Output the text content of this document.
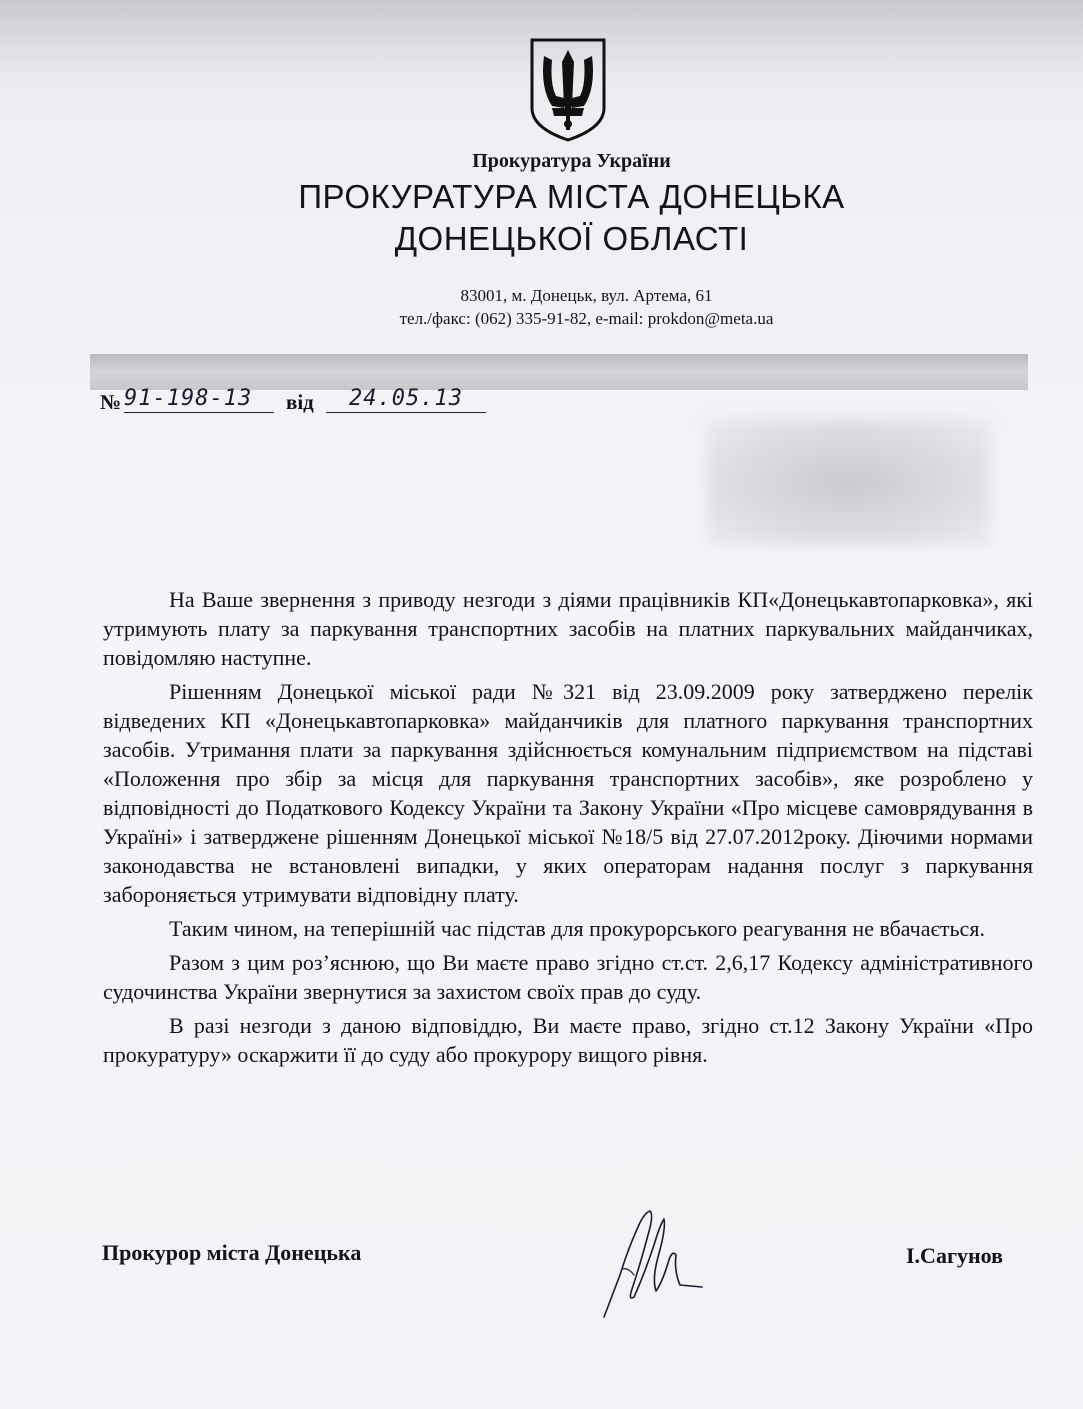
Прокуратура України
ПРОКУРАТУРА МІСТА ДОНЕЦЬКА
ДОНЕЦЬКОЇ ОБЛАСТІ
83001, м. Донецьк, вул. Артема, 61
тел./факс: (062) 335-91-82, e-mail: prokdon@meta.ua
№ 91-198-13	від	24.05.13

На Ваше звернення з приводу незгоди з діями працівників КП«Донецькавтопарковка», які утримують плату за паркування транспортних засобів на платних паркувальних майданчиках, повідомляю наступне.

Рішенням Донецької міської ради №321 від 23.09.2009 року затверджено перелік відведених КП «Донецькавтопарковка» майданчиків для платного паркування транспортних засобів. Утримання плати за паркування здійснюється комунальним підприємством на підставі «Положення про збір за місця для паркування транспортних засобів», яке розроблено у відповідності до Податкового Кодексу України та Закону України «Про місцеве самоврядування в Україні» і затверджене рішенням Донецької міської №18/5 від 27.07.2012року. Діючими нормами законодавства не встановлені випадки, у яких операторам надання послуг з паркування забороняється утримувати відповідну плату.

Таким чином, на теперішній час підстав для прокурорського реагування не вбачається.

Разом з цим роз’яснюю, що Ви маєте право згідно ст.ст. 2,6,17 Кодексу адміністративного судочинства України звернутися за захистом своїх прав до суду.

В разі незгоди з даною відповіддю, Ви маєте право, згідно ст.12 Закону України «Про прокуратуру» оскаржити її до суду або прокурору вищого рівня.

Прокурор міста Донецька	І.Сагунов
